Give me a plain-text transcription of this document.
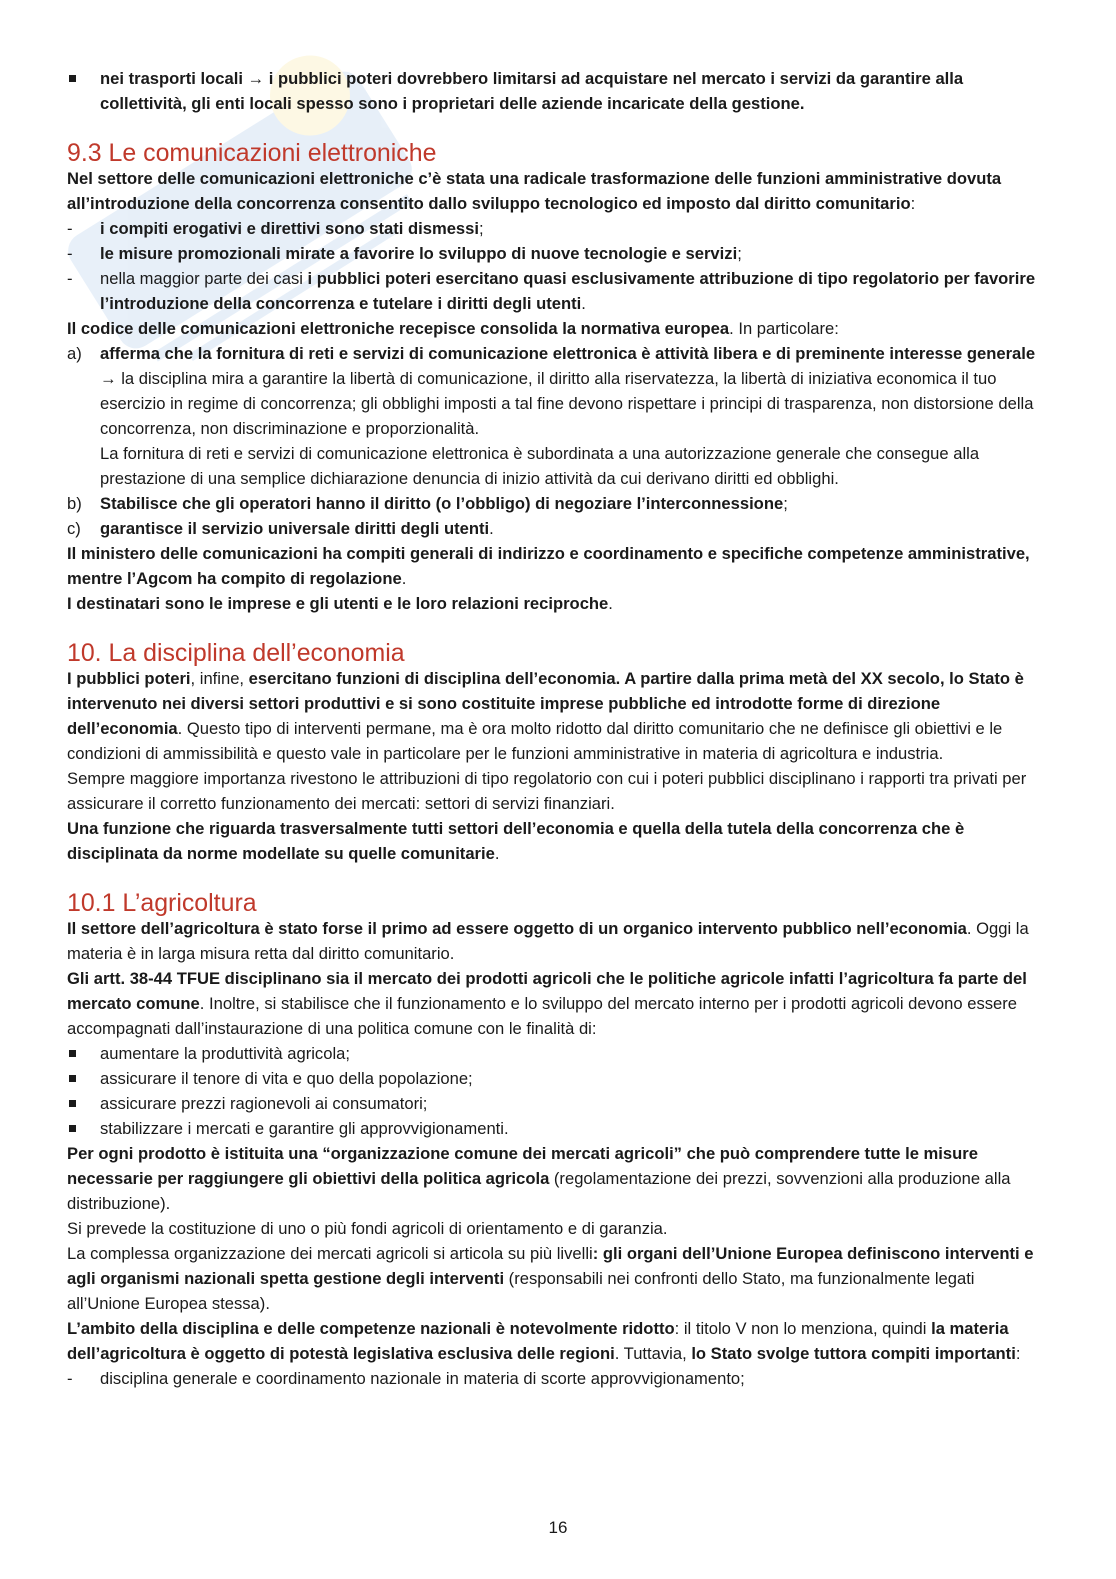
nei trasporti locali → i pubblici poteri dovrebbero limitarsi ad acquistare nel mercato i servizi da garantire alla collettività, gli enti locali spesso sono i proprietari delle aziende incaricate della gestione.

9.3 Le comunicazioni elettroniche

Nel settore delle comunicazioni elettroniche c’è stata una radicale trasformazione delle funzioni amministrative dovuta all’introduzione della concorrenza consentito dallo sviluppo tecnologico ed imposto dal diritto comunitario:

- i compiti erogativi e direttivi sono stati dismessi;

- le misure promozionali mirate a favorire lo sviluppo di nuove tecnologie e servizi;

- nella maggior parte dei casi i pubblici poteri esercitano quasi esclusivamente attribuzione di tipo regolatorio per favorire l’introduzione della concorrenza e tutelare i diritti degli utenti.

Il codice delle comunicazioni elettroniche recepisce consolida la normativa europea. In particolare:

a) afferma che la fornitura di reti e servizi di comunicazione elettronica è attività libera e di preminente interesse generale → la disciplina mira a garantire la libertà di comunicazione, il diritto alla riservatezza, la libertà di iniziativa economica il tuo esercizio in regime di concorrenza; gli obblighi imposti a tal fine devono rispettare i principi di trasparenza, non distorsione della concorrenza, non discriminazione e proporzionalità.

La fornitura di reti e servizi di comunicazione elettronica è subordinata a una autorizzazione generale che consegue alla prestazione di una semplice dichiarazione denuncia di inizio attività da cui derivano diritti ed obblighi.

b) Stabilisce che gli operatori hanno il diritto (o l’obbligo) di negoziare l’interconnessione;

c) garantisce il servizio universale diritti degli utenti.

Il ministero delle comunicazioni ha compiti generali di indirizzo e coordinamento e specifiche competenze amministrative, mentre l’Agcom ha compito di regolazione.

I destinatari sono le imprese e gli utenti e le loro relazioni reciproche.

10. La disciplina dell’economia

I pubblici poteri, infine, esercitano funzioni di disciplina dell’economia. A partire dalla prima metà del XX secolo, lo Stato è intervenuto nei diversi settori produttivi e si sono costituite imprese pubbliche ed introdotte forme di direzione dell’economia. Questo tipo di interventi permane, ma è ora molto ridotto dal diritto comunitario che ne definisce gli obiettivi e le condizioni di ammissibilità e questo vale in particolare per le funzioni amministrative in materia di agricoltura e industria.

Sempre maggiore importanza rivestono le attribuzioni di tipo regolatorio con cui i poteri pubblici disciplinano i rapporti tra privati per assicurare il corretto funzionamento dei mercati: settori di servizi finanziari.

Una funzione che riguarda trasversalmente tutti settori dell’economia e quella della tutela della concorrenza che è disciplinata da norme modellate su quelle comunitarie.

10.1 L’agricoltura

Il settore dell’agricoltura è stato forse il primo ad essere oggetto di un organico intervento pubblico nell’economia. Oggi la materia è in larga misura retta dal diritto comunitario.

Gli artt. 38-44 TFUE disciplinano sia il mercato dei prodotti agricoli che le politiche agricole infatti l’agricoltura fa parte del mercato comune. Inoltre, si stabilisce che il funzionamento e lo sviluppo del mercato interno per i prodotti agricoli devono essere accompagnati dall’instaurazione di una politica comune con le finalità di:

aumentare la produttività agricola;

assicurare il tenore di vita e quo della popolazione;

assicurare prezzi ragionevoli ai consumatori;

stabilizzare i mercati e garantire gli approvvigionamenti.

Per ogni prodotto è istituita una “organizzazione comune dei mercati agricoli” che può comprendere tutte le misure necessarie per raggiungere gli obiettivi della politica agricola (regolamentazione dei prezzi, sovvenzioni alla produzione alla distribuzione).

Si prevede la costituzione di uno o più fondi agricoli di orientamento e di garanzia.

La complessa organizzazione dei mercati agricoli si articola su più livelli: gli organi dell’Unione Europea definiscono interventi e agli organismi nazionali spetta gestione degli interventi (responsabili nei confronti dello Stato, ma funzionalmente legati all’Unione Europea stessa).

L’ambito della disciplina e delle competenze nazionali è notevolmente ridotto: il titolo V non lo menziona, quindi la materia dell’agricoltura è oggetto di potestà legislativa esclusiva delle regioni. Tuttavia, lo Stato svolge tuttora compiti importanti:

- disciplina generale e coordinamento nazionale in materia di scorte approvvigionamento;

16
